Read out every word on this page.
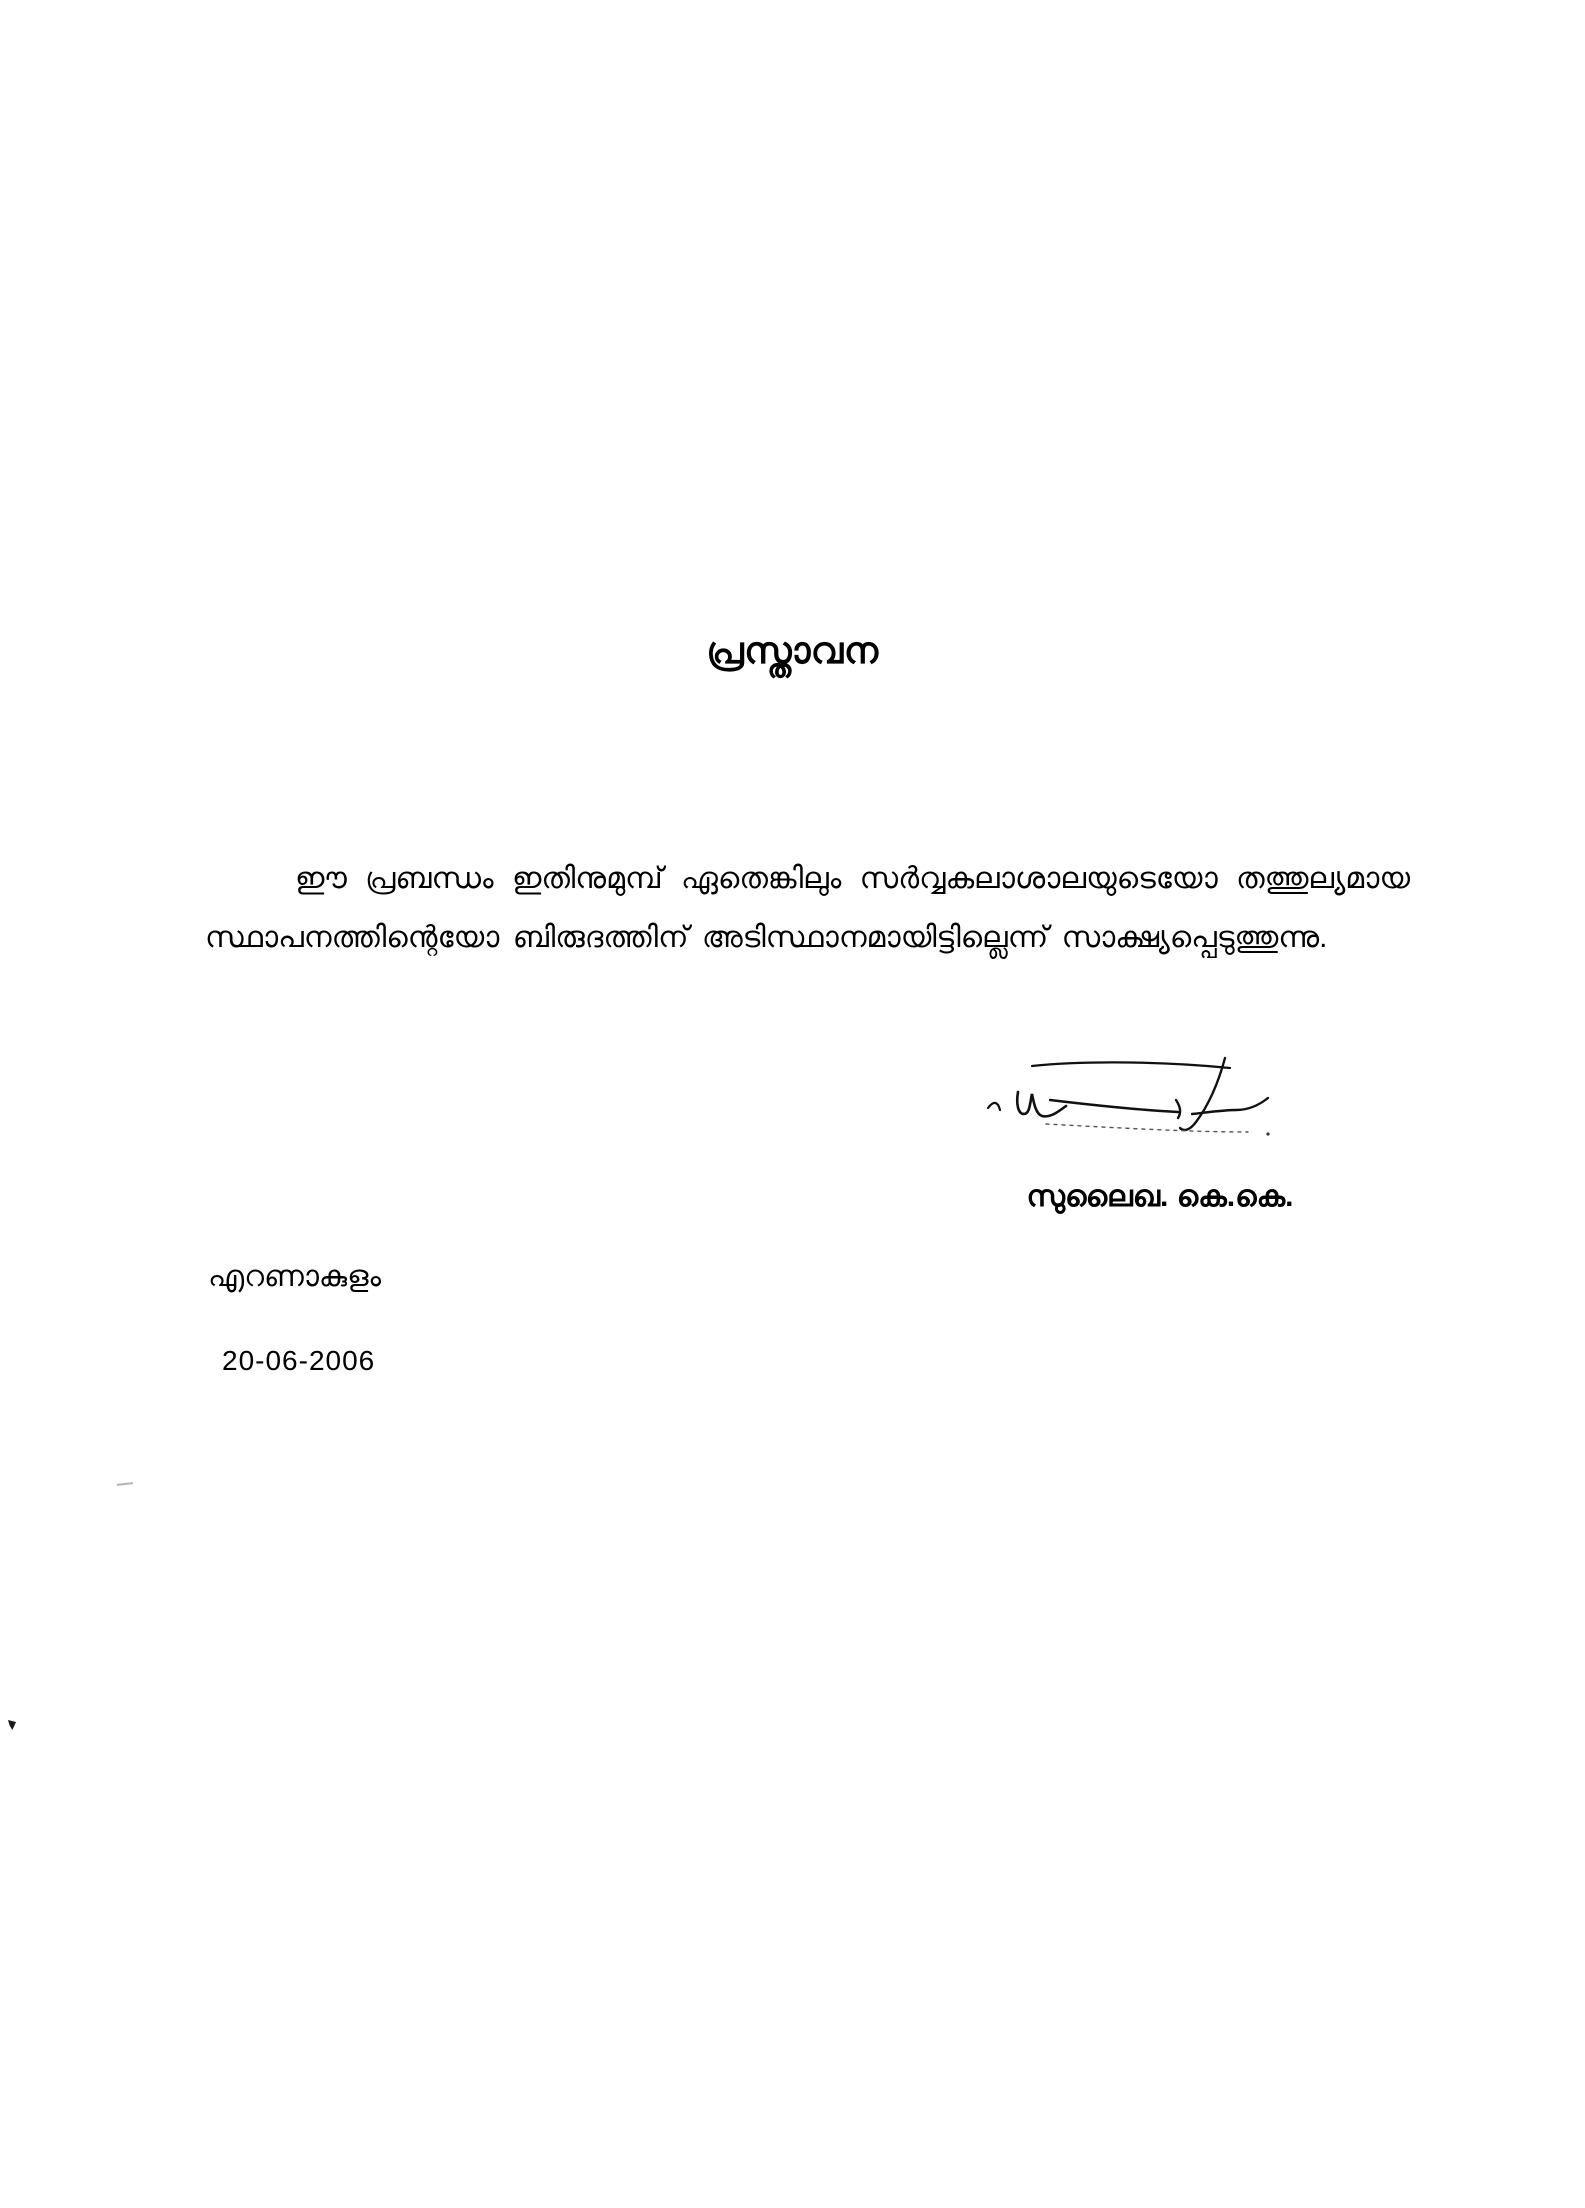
പ്രസ്താവന

ഈ പ്രബന്ധം ഇതിനുമുമ്പ് ഏതെങ്കിലും സർവ്വകലാശാലയുടെയോ തത്തുല്യമായ സ്ഥാപനത്തിന്റെയോ ബിരുദത്തിന് അടിസ്ഥാനമായിട്ടില്ലെന്ന് സാക്ഷ്യപ്പെടുത്തുന്നു.

സുലൈഖ. കെ.കെ.
എറണാകുളം
20-06-2006
